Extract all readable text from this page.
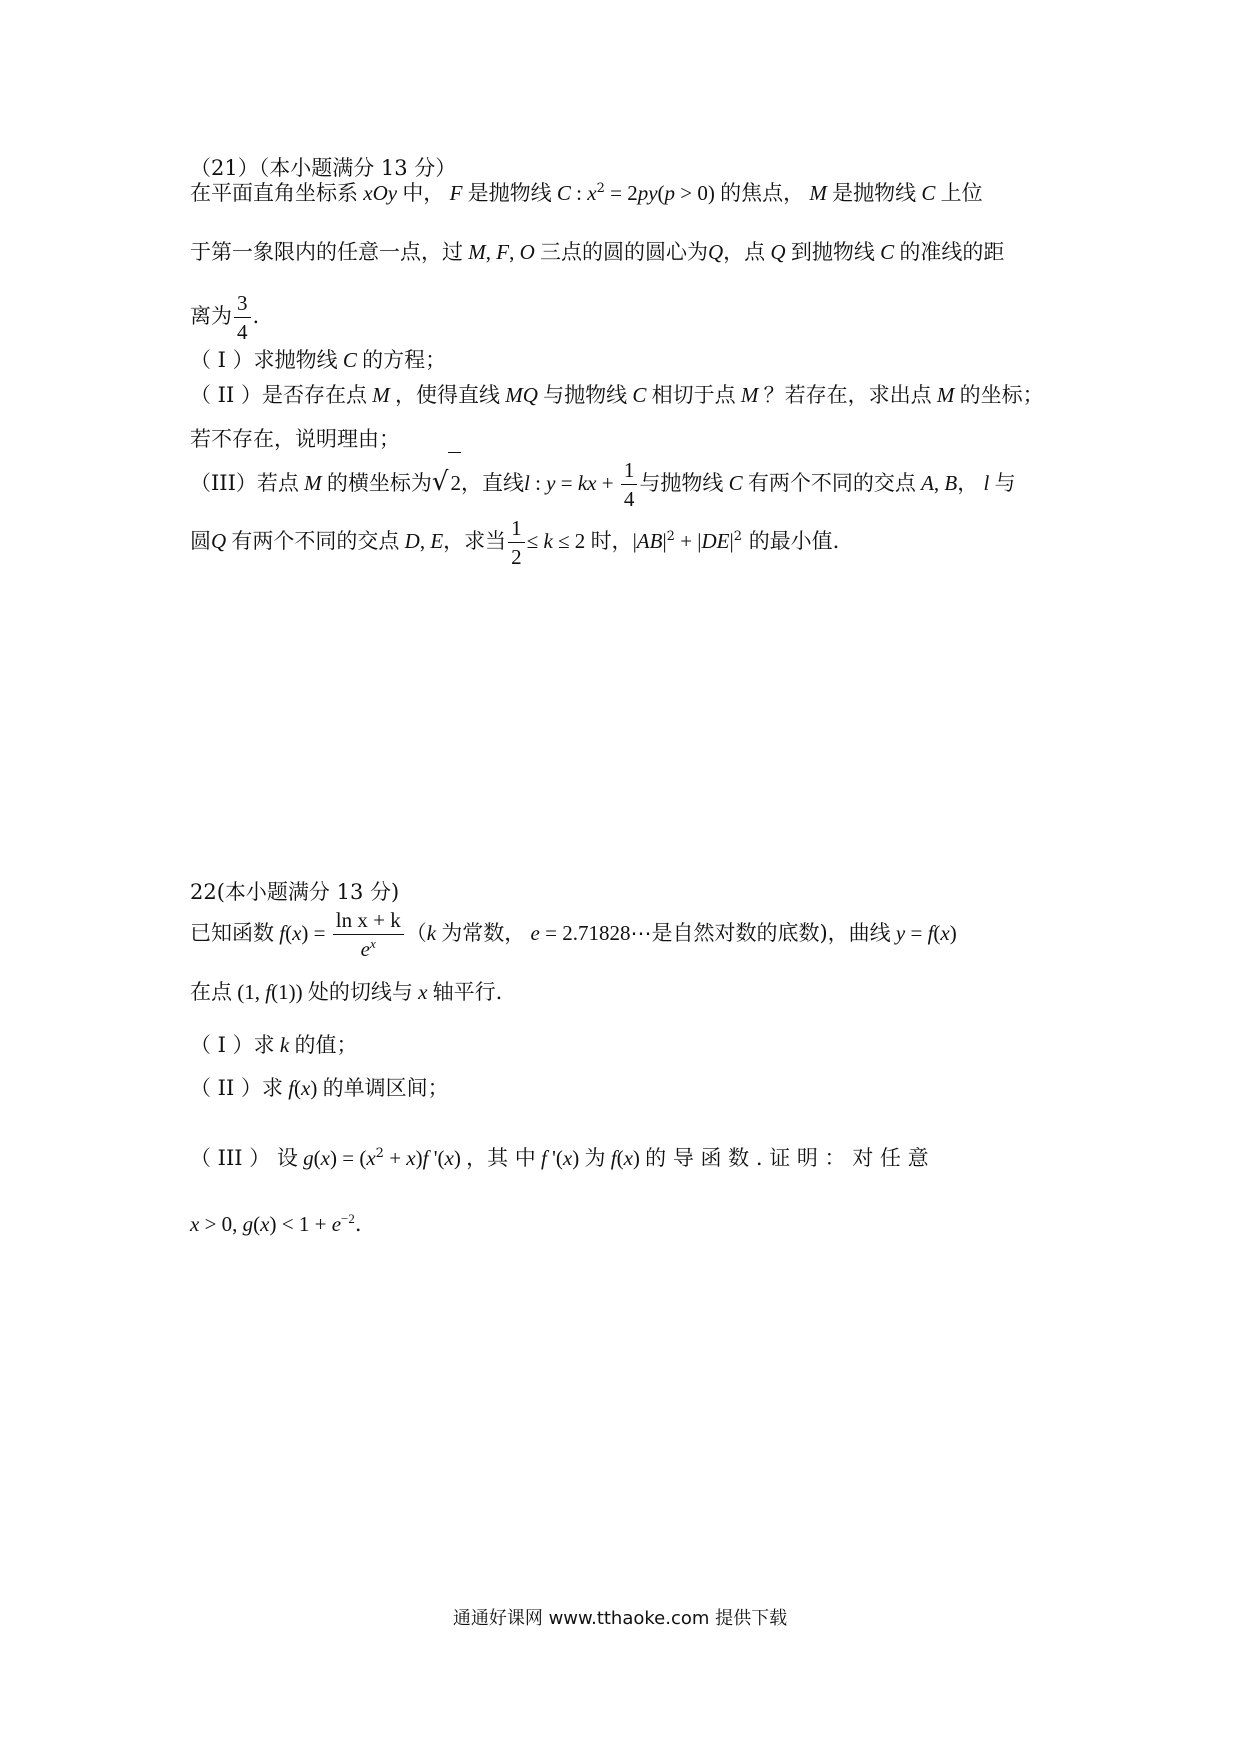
（21）（本小题满分 13 分）
在平面直角坐标系 xOy 中， F 是抛物线 C : $x^2 = 2py(p > 0)$ 的焦点， M 是抛物线 C 上位
于第一象限内的任意一点，过 M, F, O 三点的圆的圆心为Q，点 Q 到抛物线 C 的准线的距
离为 $\frac{3}{4}$ .
（ I ）求抛物线 C 的方程；
（ II ）是否存在点 M ，使得直线 MQ 与抛物线 C 相切于点 M ？若存在，求出点 M 的坐标；
若不存在，说明理由；
（III）若点 M 的横坐标为√2，直线l : y = kx + $\frac{1}{4}$ 与抛物线 C 有两个不同的交点 A, B， l 与
圆Q 有两个不同的交点 D, E，求当 $\frac{1}{2} \le k \le 2$ 时，$|AB|^2 + |DE|^2$ 的最小值.
22(本小题满分 13 分)
已知函数 $f(x) = \frac{\text{ln x + k}}{e^x} (k$ 为常数， e = 2.71828⋯是自然对数的底数)，曲线 y = f(x)
在点 (1, f(1)) 处的切线与 x 轴平行.
（ I ）求 k 的值；
（ II ）求 f(x) 的单调区间；
（ III ） 设 $g(x) = (x^2 + x)f$ '(x) ，其 中 f '(x) 为 f(x) 的 导 函 数 . 证 明 ： 对 任 意
x > 0, $g(x) < 1 + e^{-2}$.
通通好课网 www.tthaoke.com 提供下载
